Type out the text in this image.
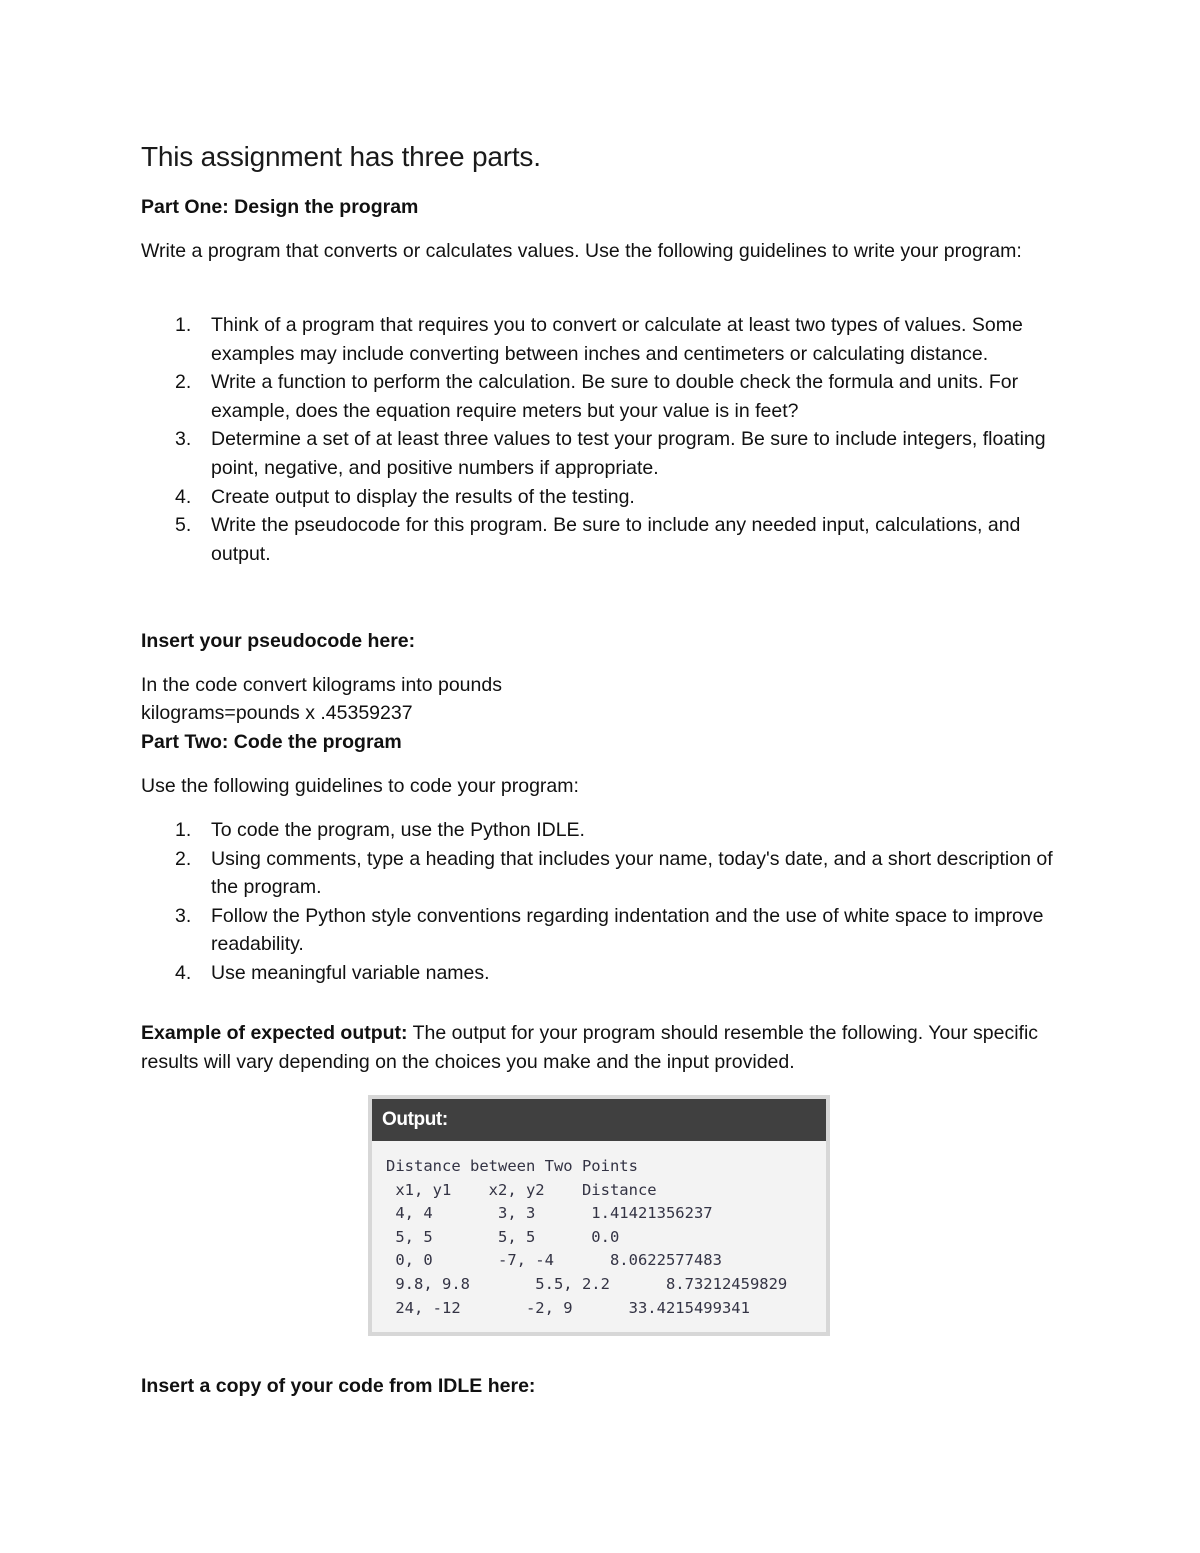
This assignment has three parts.
Part One: Design the program
Write a program that converts or calculates values. Use the following guidelines to write your program:
1. Think of a program that requires you to convert or calculate at least two types of values. Some examples may include converting between inches and centimeters or calculating distance.
2. Write a function to perform the calculation. Be sure to double check the formula and units. For example, does the equation require meters but your value is in feet?
3. Determine a set of at least three values to test your program. Be sure to include integers, floating point, negative, and positive numbers if appropriate.
4. Create output to display the results of the testing.
5. Write the pseudocode for this program. Be sure to include any needed input, calculations, and output.
Insert your pseudocode here:
In the code convert kilograms into pounds
kilograms=pounds x .45359237
Part Two: Code the program
Use the following guidelines to code your program:
1. To code the program, use the Python IDLE.
2. Using comments, type a heading that includes your name, today's date, and a short description of the program.
3. Follow the Python style conventions regarding indentation and the use of white space to improve readability.
4. Use meaningful variable names.
Example of expected output: The output for your program should resemble the following. Your specific results will vary depending on the choices you make and the input provided.
Insert a copy of your code from IDLE here:
Output:
Distance between Two Points
x1, y1    x2, y2    Distance
4, 4       3, 3      1.41421356237
5, 5       5, 5      0.0
0, 0       -7, -4      8.0622577483
9.8, 9.8       5.5, 2.2      8.73212459829
24, -12       -2, 9      33.4215499341
